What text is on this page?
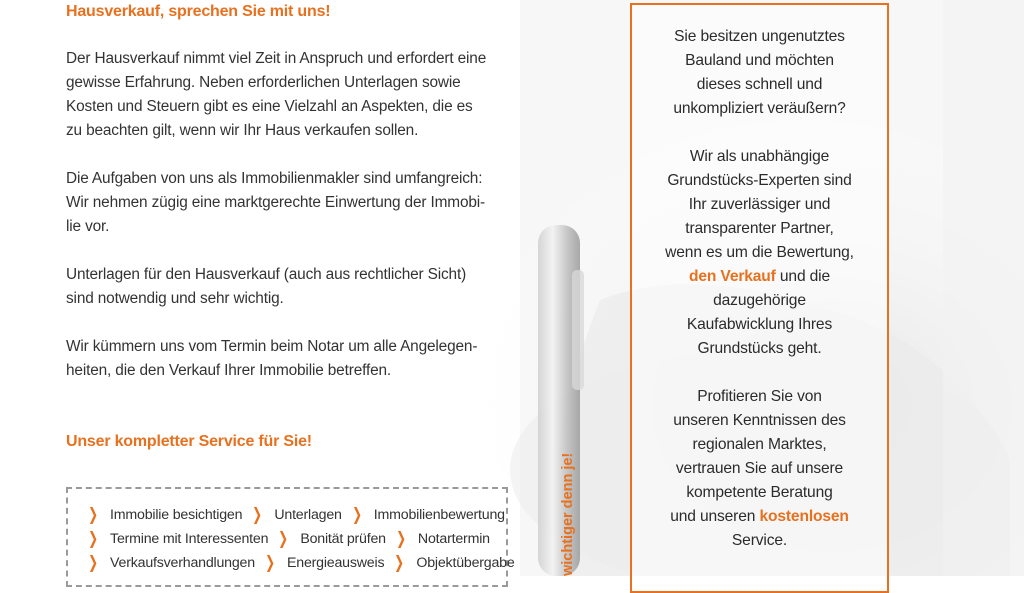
Hausverkauf, sprechen Sie mit uns!
Der Hausverkauf nimmt viel Zeit in Anspruch und erfordert eine
gewisse Erfahrung. Neben erforderlichen Unterlagen sowie
Kosten und Steuern gibt es eine Vielzahl an Aspekten, die es
zu beachten gilt, wenn wir Ihr Haus verkaufen sollen.
Die Aufgaben von uns als Immobilienmakler sind umfangreich:
Wir nehmen zügig eine marktgerechte Einwertung der Immobi-
lie vor.
Unterlagen für den Hausverkauf (auch aus rechtlicher Sicht)
sind notwendig und sehr wichtig.
Wir kümmern uns vom Termin beim Notar um alle Angelegen-
heiten, die den Verkauf Ihrer Immobilie betreffen.
Unser kompletter Service für Sie!
❯ Immobilie besichtigen ❯ Unterlagen ❯ Immobilienbewertung
❯ Termine mit Interessenten ❯ Bonität prüfen ❯ Notartermin
❯ Verkaufsverhandlungen ❯ Energieausweis ❯ Objektübergabe	wichtiger denn je!
Sie besitzen ungenutztes
Bauland und möchten
dieses schnell und
unkompliziert veräußern?
Wir als unabhängige
Grundstücks-Experten sind
Ihr zuverlässiger und
transparenter Partner,
wenn es um die Bewertung,
den Verkauf und die
dazugehörige
Kaufabwicklung Ihres
Grundstücks geht.
Profitieren Sie von
unseren Kenntnissen des
regionalen Marktes,
vertrauen Sie auf unsere
kompetente Beratung
und unseren kostenlosen
Service.
